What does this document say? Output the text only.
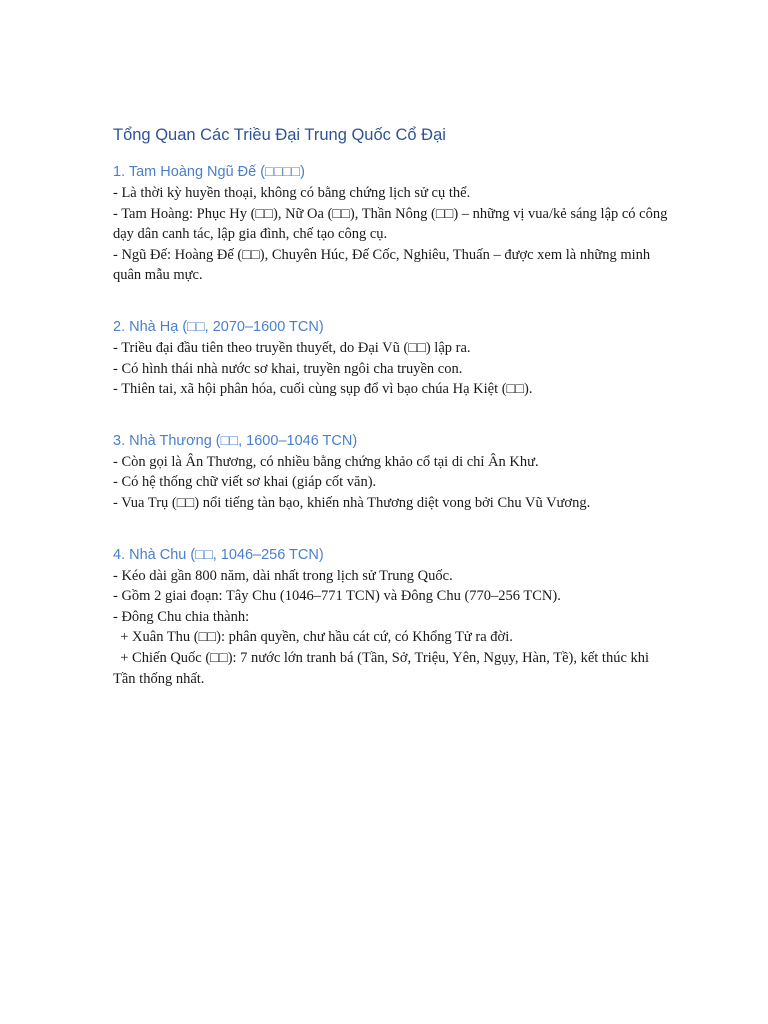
Tổng Quan Các Triều Đại Trung Quốc Cổ Đại
1. Tam Hoàng Ngũ Đế (□□□□)

- Là thời kỳ huyền thoại, không có bằng chứng lịch sử cụ thể.

- Tam Hoàng: Phục Hy (□□), Nữ Oa (□□), Thần Nông (□□) – những vị vua/kẻ sáng lập có công dạy dân canh tác, lập gia đình, chế tạo công cụ.

- Ngũ Đế: Hoàng Đế (□□), Chuyên Húc, Đế Cốc, Nghiêu, Thuấn – được xem là những minh quân mẫu mực.

2. Nhà Hạ (□□, 2070–1600 TCN)

- Triều đại đầu tiên theo truyền thuyết, do Đại Vũ (□□) lập ra.

- Có hình thái nhà nước sơ khai, truyền ngôi cha truyền con.

- Thiên tai, xã hội phân hóa, cuối cùng sụp đổ vì bạo chúa Hạ Kiệt (□□).

3. Nhà Thương (□□, 1600–1046 TCN)

- Còn gọi là Ân Thương, có nhiều bằng chứng khảo cổ tại di chỉ Ân Khư.

- Có hệ thống chữ viết sơ khai (giáp cốt văn).

- Vua Trụ (□□) nổi tiếng tàn bạo, khiến nhà Thương diệt vong bởi Chu Vũ Vương.

4. Nhà Chu (□□, 1046–256 TCN)

- Kéo dài gần 800 năm, dài nhất trong lịch sử Trung Quốc.

- Gồm 2 giai đoạn: Tây Chu (1046–771 TCN) và Đông Chu (770–256 TCN).

- Đông Chu chia thành:

+ Xuân Thu (□□): phân quyền, chư hầu cát cứ, có Khổng Tử ra đời.

+ Chiến Quốc (□□): 7 nước lớn tranh bá (Tần, Sở, Triệu, Yên, Ngụy, Hàn, Tề), kết thúc khi Tần thống nhất.
